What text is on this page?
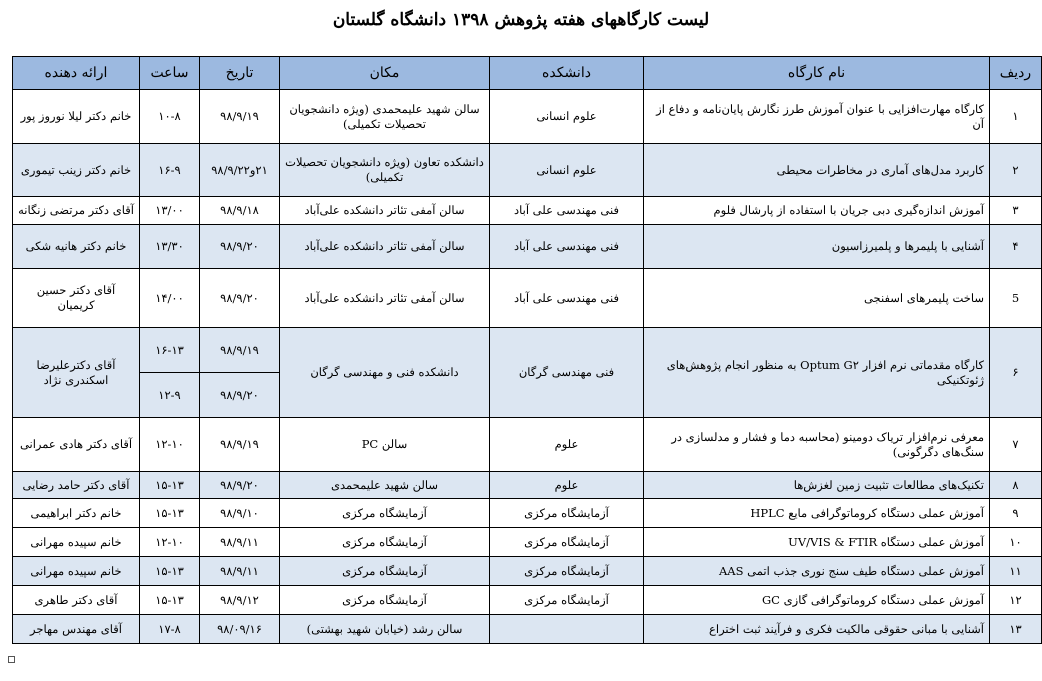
لیست کارگاههای هفته پژوهش ۱۳۹۸ دانشگاه گلستان
ردیف	نام کارگاه	دانشکده	مکان	تاریخ	ساعت	ارائه دهنده
۱	کارگاه مهارت‌افزایی با عنوان آموزش طرز نگارش پایان‌نامه و دفاع از آن	علوم انسانی	سالن شهید علیمحمدی (ویژه دانشجویان تحصیلات تکمیلی)	۹۸/۹/۱۹	۱۰-۸	خانم دکتر لیلا نوروز پور
۲	کاربرد مدل‌های آماری در مخاطرات محیطی	علوم انسانی	دانشکده تعاون (ویژه دانشجویان تحصیلات تکمیلی)	۲۱و۹۸/۹/۲۲	۱۶-۹	خانم دکتر زینب تیموری
۳	آموزش اندازه‌گیری دبی جریان با استفاده از پارشال فلوم	فنی مهندسی علی آباد	سالن آمفی تئاتر دانشکده علی‌آباد	۹۸/۹/۱۸	۱۳/۰۰	آقای دکتر مرتضی زنگانه
۴	آشنایی با پلیمرها و پلمیرزاسیون	فنی مهندسی علی آباد	سالن آمفی تئاتر دانشکده علی‌آباد	۹۸/۹/۲۰	۱۳/۳۰	خانم دکتر هانیه شکی
5	ساخت پلیمرهای اسفنجی	فنی مهندسی علی آباد	سالن آمفی تئاتر دانشکده علی‌آباد	۹۸/۹/۲۰	۱۴/۰۰	آقای دکتر حسین کریمیان
۶	کارگاه مقدماتی نرم افزار Optum G۲ به منظور انجام پژوهش‌های ژئوتکنیکی	فنی مهندسی گرگان	دانشکده فنی و مهندسی گرگان	۹۸/۹/۱۹	۱۶-۱۳	آقای دکترعلیرضا اسکندری نژاد
				۹۸/۹/۲۰	۱۲-۹	
۷	معرفی نرم‌افزار تریاک دومینو (محاسبه دما و فشار و مدلسازی در سنگ‌های دگرگونی)	علوم	سالن PC	۹۸/۹/۱۹	۱۲-۱۰	آقای دکتر هادی عمرانی
۸	تکنیک‌های مطالعات تثبیت زمین لغزش‌ها	علوم	سالن شهید علیمحمدی	۹۸/۹/۲۰	۱۵-۱۳	آقای دکتر حامد رضایی
۹	آموزش عملی دستگاه کروماتوگرافی مایع HPLC	آزمایشگاه مرکزی	آزمایشگاه مرکزی	۹۸/۹/۱۰	۱۵-۱۳	خانم دکتر ابراهیمی
۱۰	آموزش عملی دستگاه UV/VIS & FTIR	آزمایشگاه مرکزی	آزمایشگاه مرکزی	۹۸/۹/۱۱	۱۲-۱۰	خانم سپیده مهرانی
۱۱	آموزش عملی دستگاه طیف سنج نوری جذب اتمی AAS	آزمایشگاه مرکزی	آزمایشگاه مرکزی	۹۸/۹/۱۱	۱۵-۱۳	خانم سپیده مهرانی
۱۲	آموزش عملی دستگاه کروماتوگرافی گازی GC	آزمایشگاه مرکزی	آزمایشگاه مرکزی	۹۸/۹/۱۲	۱۵-۱۳	آقای دکتر طاهری
۱۳	آشنایی با مبانی حقوقی مالکیت فکری و فرآیند ثبت اختراع		سالن رشد (خیابان شهید بهشتی)	۹۸/۰۹/۱۶	۱۷-۸	آقای مهندس مهاجر
